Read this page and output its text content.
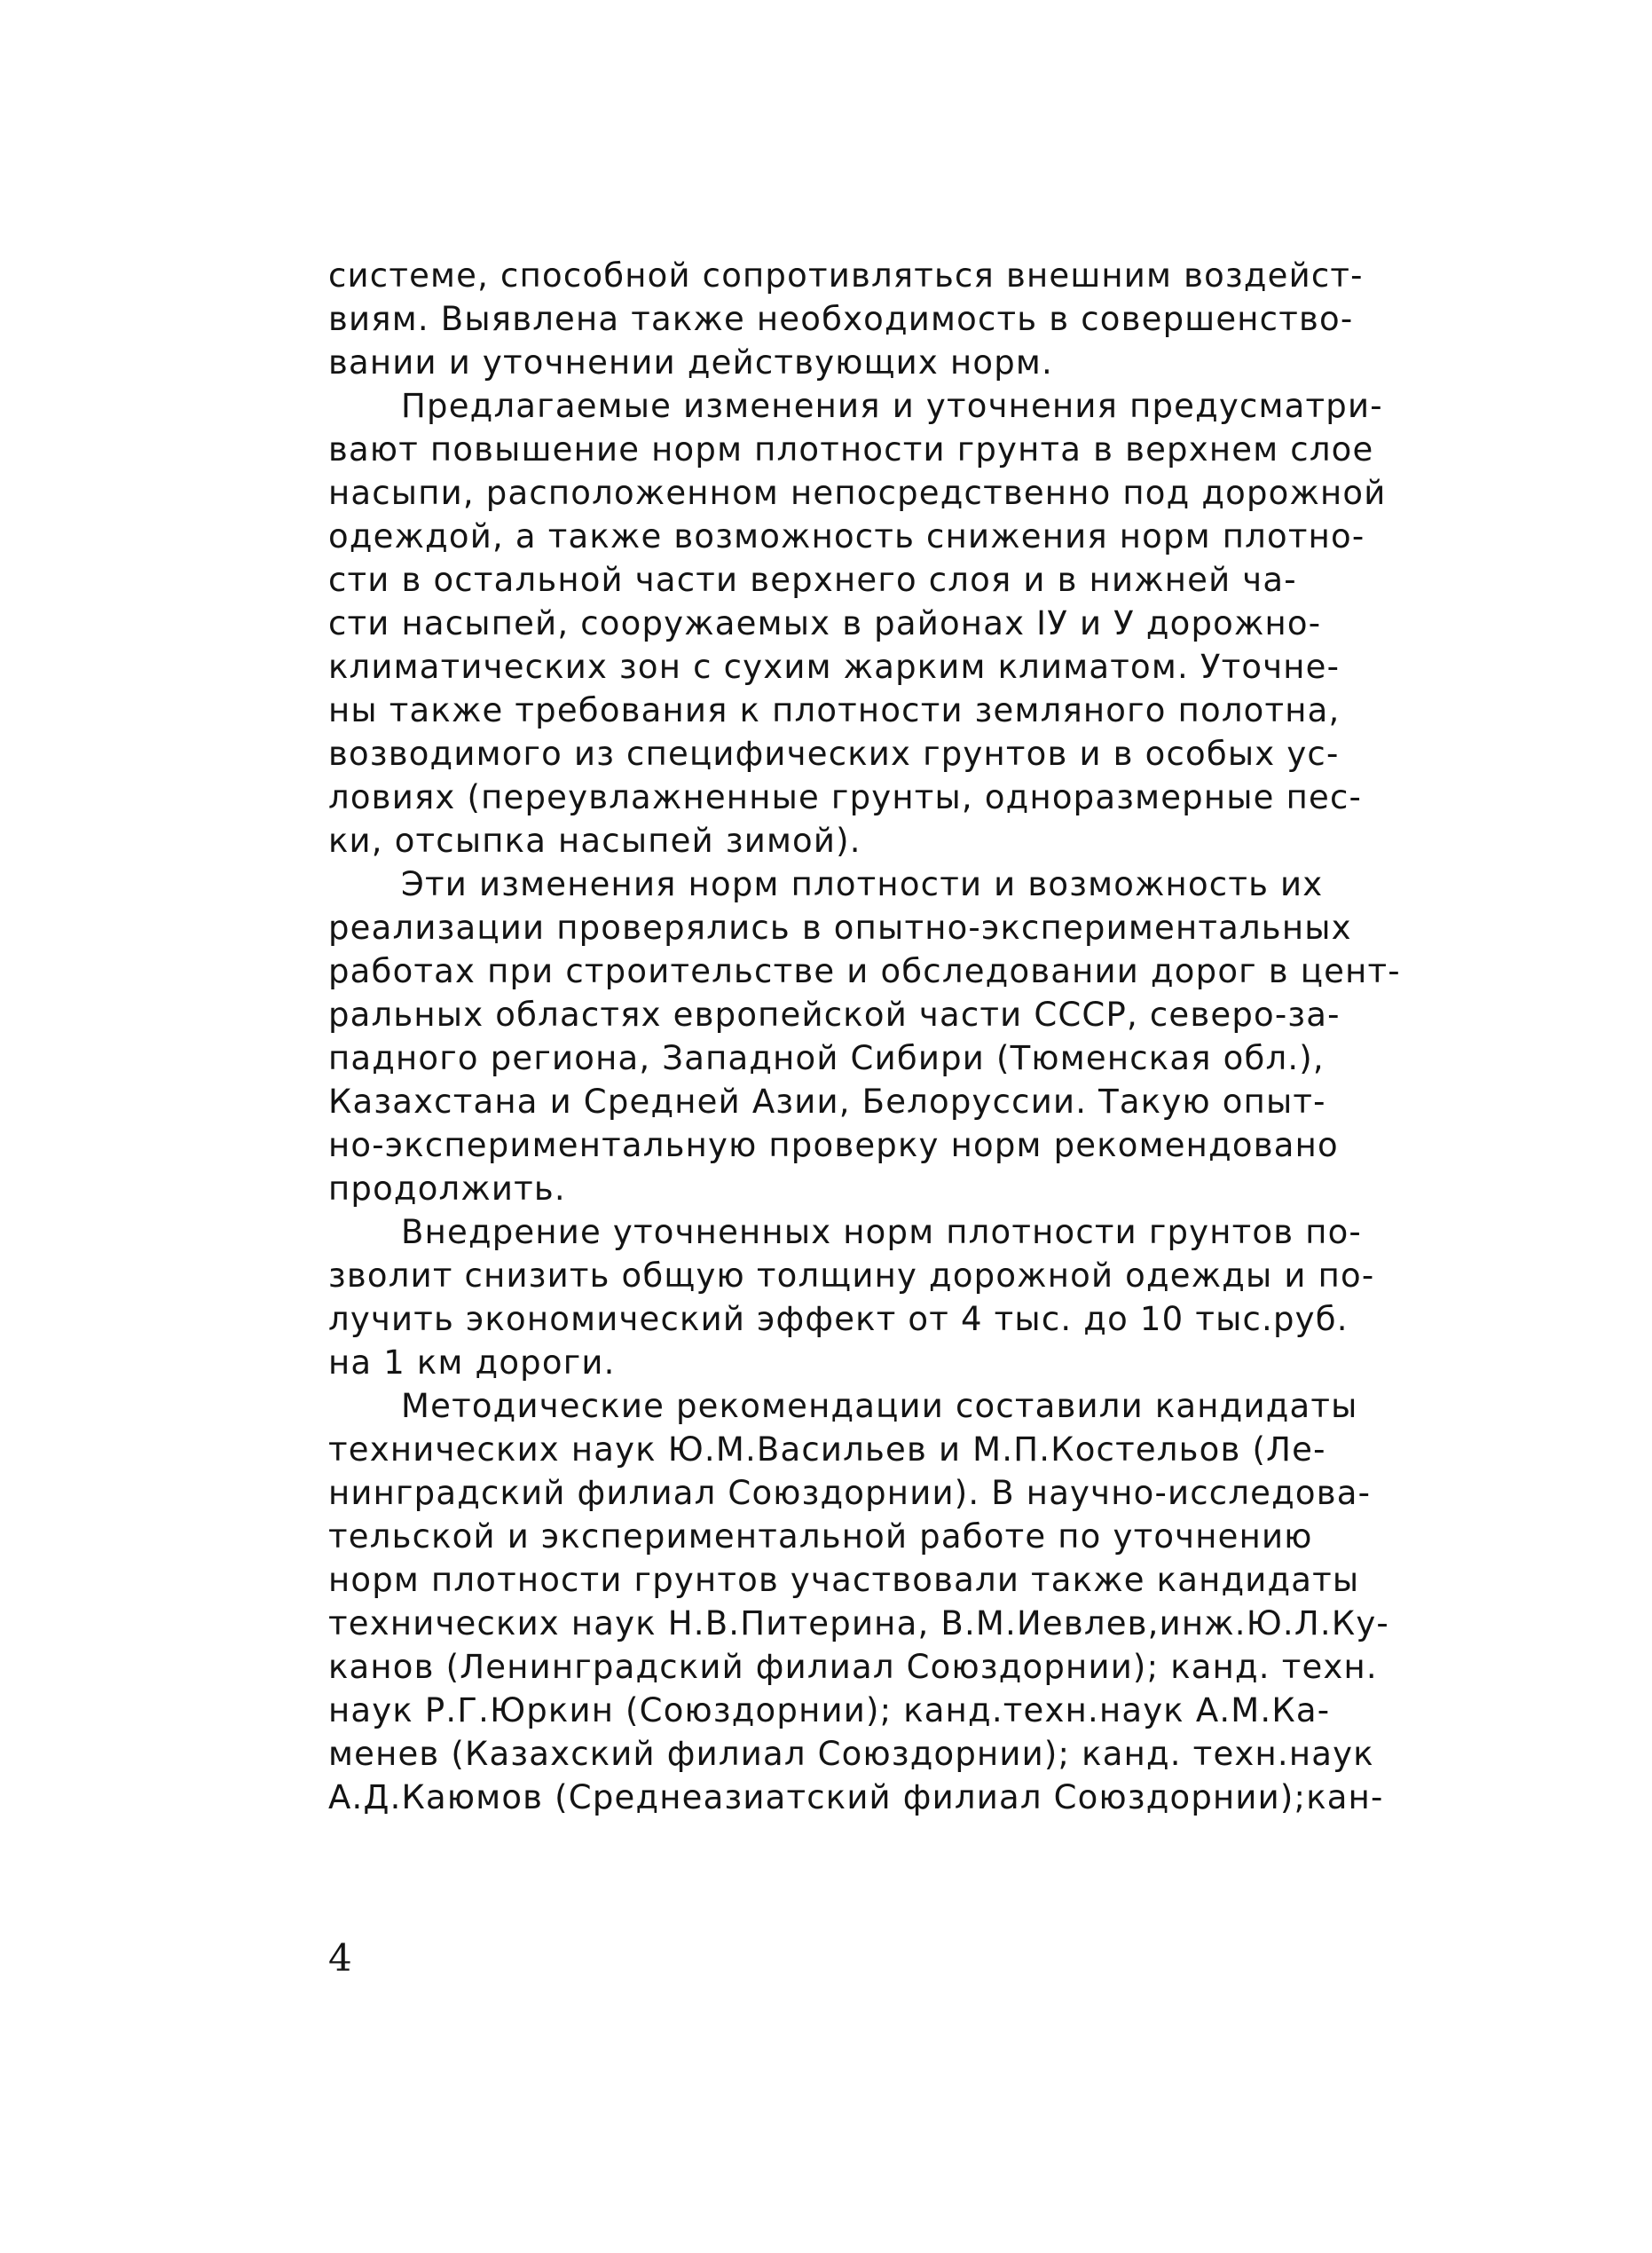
системе, способной сопротивляться внешним воздейст-
виям. Выявлена также необходимость в совершенство-
вании и уточнении действующих норм.
Предлагаемые изменения и уточнения предусматри-
вают повышение норм плотности грунта в верхнем слое
насыпи, расположенном непосредственно под дорожной
одеждой, а также возможность снижения норм плотно-
сти в остальной части верхнего слоя и в нижней ча-
сти насыпей, сооружаемых в районах IУ и У дорожно-
климатических зон с сухим жарким климатом. Уточне-
ны также требования к плотности земляного полотна,
возводимого из специфических грунтов и в особых ус-
ловиях (переувлажненные грунты, одноразмерные пес-
ки, отсыпка насыпей зимой).
Эти изменения норм плотности и возможность их
реализации проверялись в опытно-экспериментальных
работах при строительстве и обследовании дорог в цент-
ральных областях европейской части СССР, северо-за-
падного региона, Западной Сибири (Тюменская обл.),
Казахстана и Средней Азии, Белоруссии. Такую опыт-
но-экспериментальную проверку норм рекомендовано
продолжить.
Внедрение уточненных норм плотности грунтов по-
зволит снизить общую толщину дорожной одежды и по-
лучить экономический эффект от 4 тыс. до 10 тыс.руб.
на 1 км дороги.
Методические рекомендации составили кандидаты
технических наук Ю.М.Васильев и М.П.Костельов (Ле-
нинградский филиал Союздорнии). В научно-исследова-
тельской и экспериментальной работе по уточнению
норм плотности грунтов участвовали также кандидаты
технических наук Н.В.Питерина, В.М.Иевлев,инж.Ю.Л.Ку-
канов (Ленинградский филиал Союздорнии); канд. техн.
наук Р.Г.Юркин (Союздорнии); канд.техн.наук А.М.Ка-
менев (Казахский филиал Союздорнии); канд. техн.наук
А.Д.Каюмов (Среднеазиатский филиал Союздорнии);кан-
4
